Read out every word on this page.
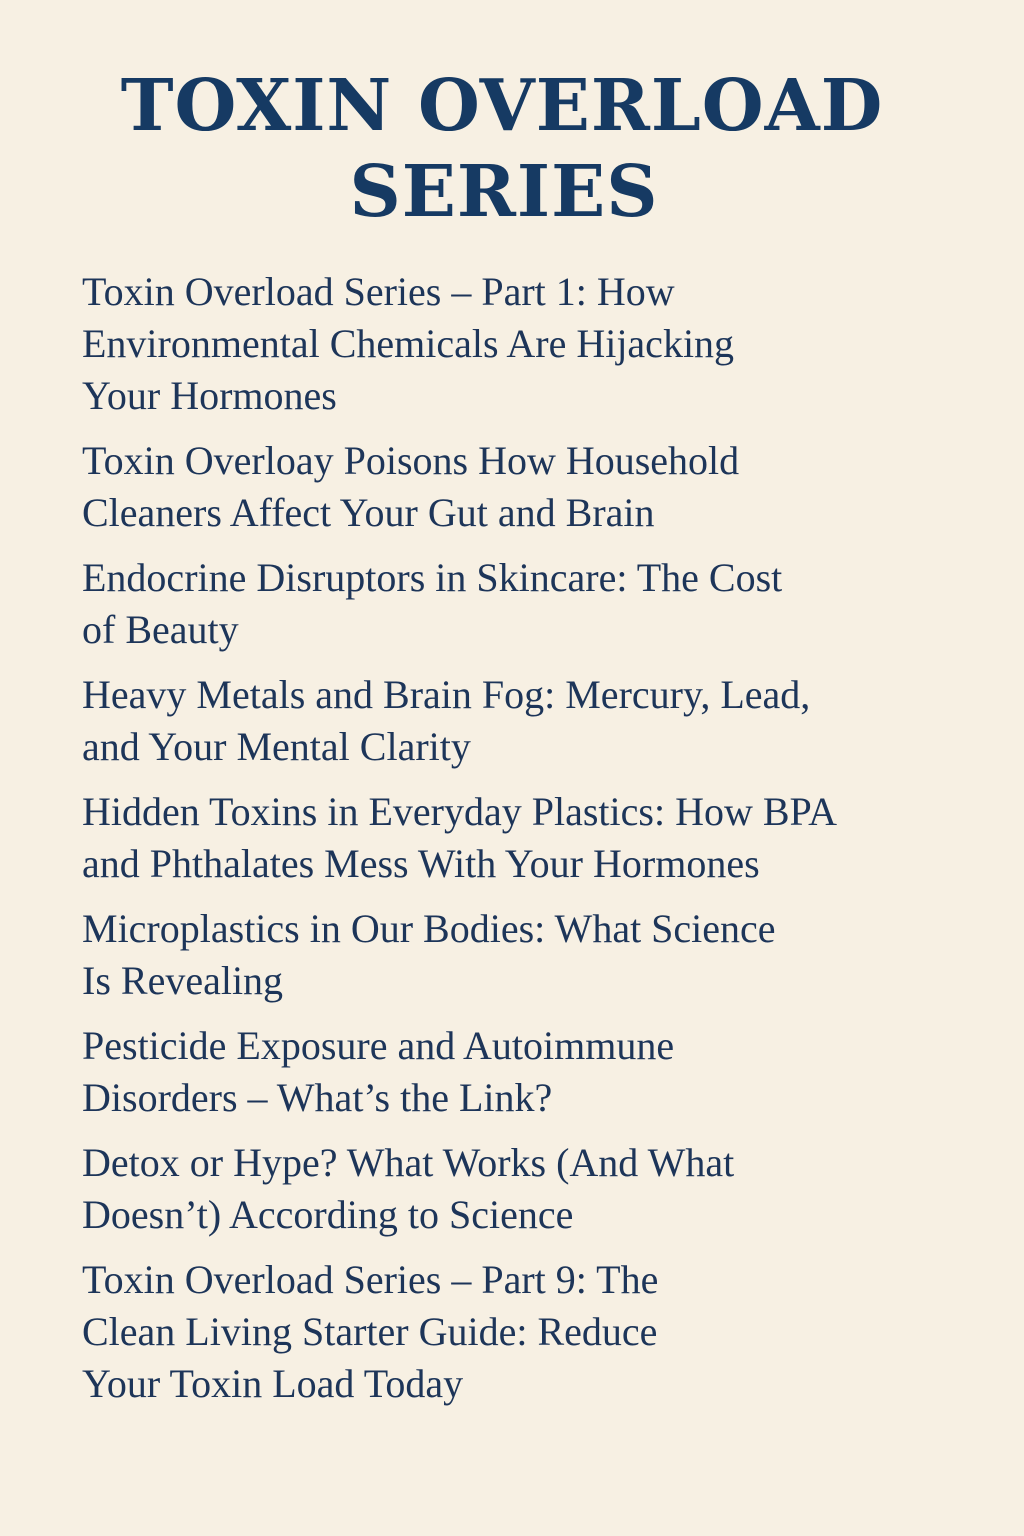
TOXIN OVERLOAD
SERIES
Toxin Overload Series – Part 1: How
Environmental Chemicals Are Hijacking
Your Hormones
Toxin Overloay Poisons How Household
Cleaners Affect Your Gut and Brain
Endocrine Disruptors in Skincare: The Cost
of Beauty
Heavy Metals and Brain Fog: Mercury, Lead,
and Your Mental Clarity
Hidden Toxins in Everyday Plastics: How BPA
and Phthalates Mess With Your Hormones
Microplastics in Our Bodies: What Science
Is Revealing
Pesticide Exposure and Autoimmune
Disorders – What’s the Link?
Detox or Hype? What Works (And What
Doesn’t) According to Science
Toxin Overload Series – Part 9: The
Clean Living Starter Guide: Reduce
Your Toxin Load Today
